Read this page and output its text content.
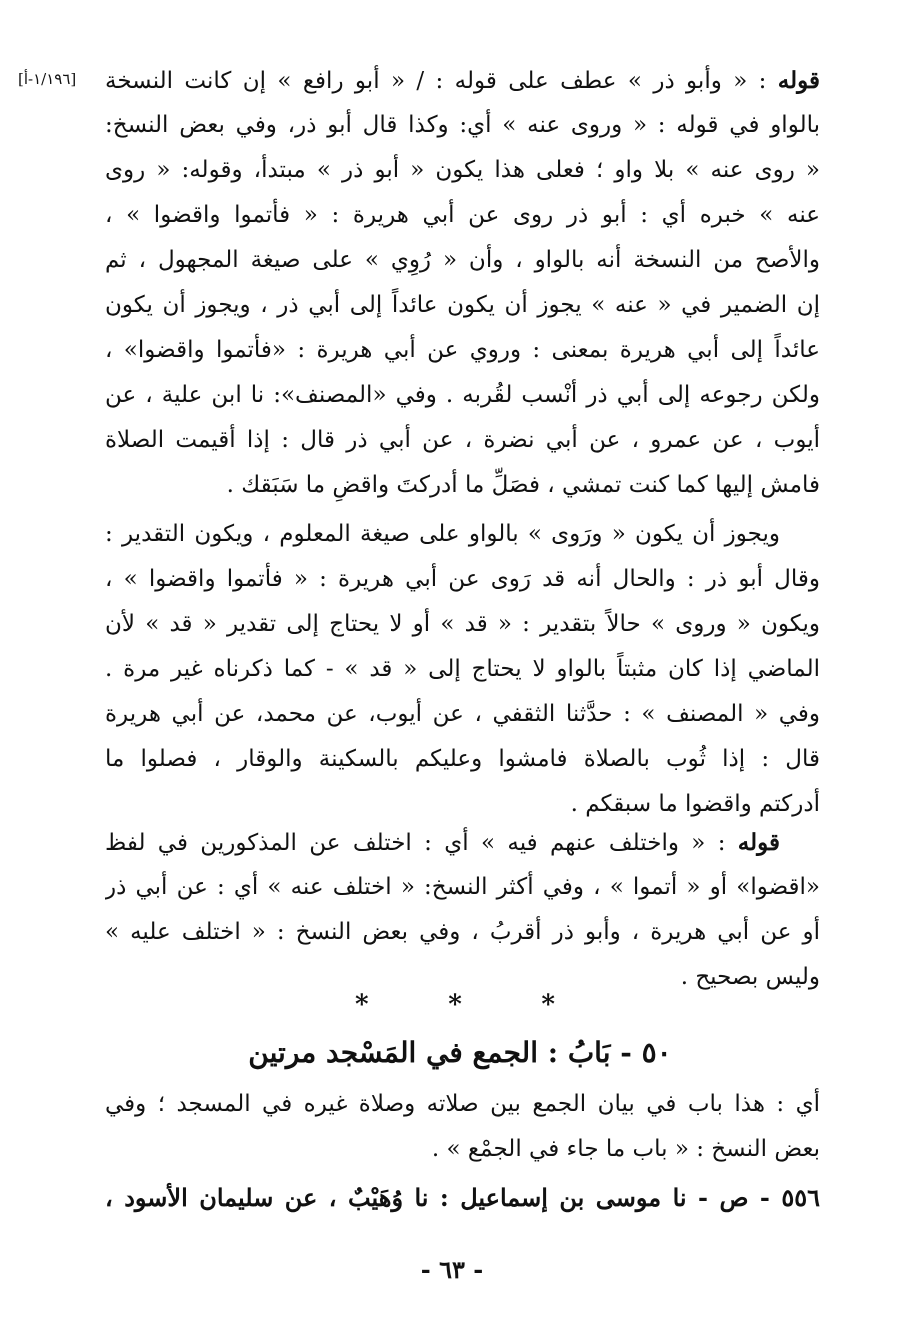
[١/١٩٦-أ]	قوله : « وأبو ذر » عطف على قوله : / « أبو رافع » إن كانت النسخة
بالواو في قوله : « وروى عنه » أي: وكذا قال أبو ذر، وفي بعض النسخ:
« روى عنه » بلا واو ؛ فعلى هذا يكون « أبو ذر » مبتدأ، وقوله: « روى
عنه » خبره أي : أبو ذر روى عن أبي هريرة : « فأتموا واقضوا » ،
والأصح من النسخة أنه بالواو ، وأن « رُوِي » على صيغة المجهول ، ثم
إن الضمير في « عنه » يجوز أن يكون عائداً إلى أبي ذر ، ويجوز أن يكون
عائداً إلى أبي هريرة بمعنى : وروي عن أبي هريرة : «فأتموا واقضوا» ،
ولكن رجوعه إلى أبي ذر أنْسب لقُربه . وفي «المصنف»: نا ابن علية ، عن
أيوب ، عن عمرو ، عن أبي نضرة ، عن أبي ذر قال : إذا أقيمت الصلاة
فامش إليها كما كنت تمشي ، فصَلِّ ما أدركتَ واقضِ ما سَبَقك .
ويجوز أن يكون « ورَوى » بالواو على صيغة المعلوم ، ويكون التقدير :
وقال أبو ذر : والحال أنه قد رَوى عن أبي هريرة : « فأتموا واقضوا » ،
ويكون « وروى » حالاً بتقدير : « قد » أو لا يحتاج إلى تقدير « قد » لأن
الماضي إذا كان مثبتاً بالواو لا يحتاج إلى « قد » - كما ذكرناه غير مرة .
وفي « المصنف » : حدَّثنا الثقفي ، عن أيوب، عن محمد، عن أبي هريرة
قال : إذا ثُوب بالصلاة فامشوا وعليكم بالسكينة والوقار ، فصلوا ما
أدركتم واقضوا ما سبقكم .
قوله : « واختلف عنهم فيه » أي : اختلف عن المذكورين في لفظ
«اقضوا» أو « أتموا » ، وفي أكثر النسخ: « اختلف عنه » أي : عن أبي ذر
أو عن أبي هريرة ، وأبو ذر أقربُ ، وفي بعض النسخ : « اختلف عليه »
وليس بصحيح .
*	*	*
٥٠ - بَابُ : الجمع في المَسْجد مرتين
أي : هذا باب في بيان الجمع بين صلاته وصلاة غيره في المسجد ؛ وفي
بعض النسخ : « باب ما جاء في الجمْع » .
٥٥٦ - ص - نا موسى بن إسماعيل : نا وُهَيْبٌ ، عن سليمان الأسود ،
- ٦٣ -
